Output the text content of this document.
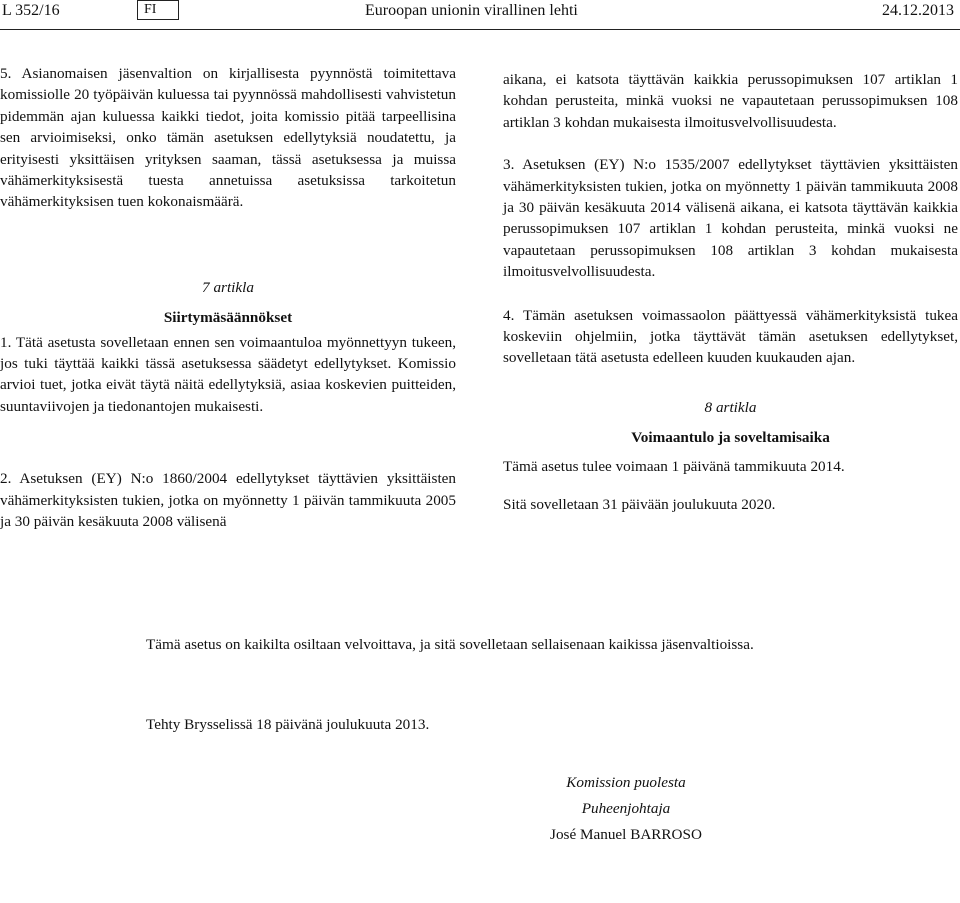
L 352/16	FI	Euroopan unionin virallinen lehti	24.12.2013

5. Asianomaisen jäsenvaltion on kirjallisesta pyynnöstä toimitettava komissiolle 20 työpäivän kuluessa tai pyynnössä mahdollisesti vahvistetun pidemmän ajan kuluessa kaikki tiedot, joita komissio pitää tarpeellisina sen arvioimiseksi, onko tämän asetuksen edellytyksiä noudatettu, ja erityisesti yksittäisen yrityksen saaman, tässä asetuksessa ja muissa vähämerkityksisestä tuesta annetuissa asetuksissa tarkoitetun vähämerkityksisen tuen kokonaismäärä.

7 artikla

Siirtymäsäännökset

1. Tätä asetusta sovelletaan ennen sen voimaantuloa myönnettyyn tukeen, jos tuki täyttää kaikki tässä asetuksessa säädetyt edellytykset. Komissio arvioi tuet, jotka eivät täytä näitä edellytyksiä, asiaa koskevien puitteiden, suuntaviivojen ja tiedonantojen mukaisesti.

2. Asetuksen (EY) N:o 1860/2004 edellytykset täyttävien yksittäisten vähämerkityksisten tukien, jotka on myönnetty 1 päivän tammikuuta 2005 ja 30 päivän kesäkuuta 2008 välisenä

aikana, ei katsota täyttävän kaikkia perussopimuksen 107 artiklan 1 kohdan perusteita, minkä vuoksi ne vapautetaan perussopimuksen 108 artiklan 3 kohdan mukaisesta ilmoitusvelvollisuudesta.

3. Asetuksen (EY) N:o 1535/2007 edellytykset täyttävien yksittäisten vähämerkityksisten tukien, jotka on myönnetty 1 päivän tammikuuta 2008 ja 30 päivän kesäkuuta 2014 välisenä aikana, ei katsota täyttävän kaikkia perussopimuksen 107 artiklan 1 kohdan perusteita, minkä vuoksi ne vapautetaan perussopimuksen 108 artiklan 3 kohdan mukaisesta ilmoitusvelvollisuudesta.

4. Tämän asetuksen voimassaolon päättyessä vähämerkityksistä tukea koskeviin ohjelmiin, jotka täyttävät tämän asetuksen edellytykset, sovelletaan tätä asetusta edelleen kuuden kuukauden ajan.

8 artikla

Voimaantulo ja soveltamisaika

Tämä asetus tulee voimaan 1 päivänä tammikuuta 2014.

Sitä sovelletaan 31 päivään joulukuuta 2020.

Tämä asetus on kaikilta osiltaan velvoittava, ja sitä sovelletaan sellaisenaan kaikissa jäsenvaltioissa.

Tehty Brysselissä 18 päivänä joulukuuta 2013.
Komission puolesta
Puheenjohtaja
José Manuel BARROSO
